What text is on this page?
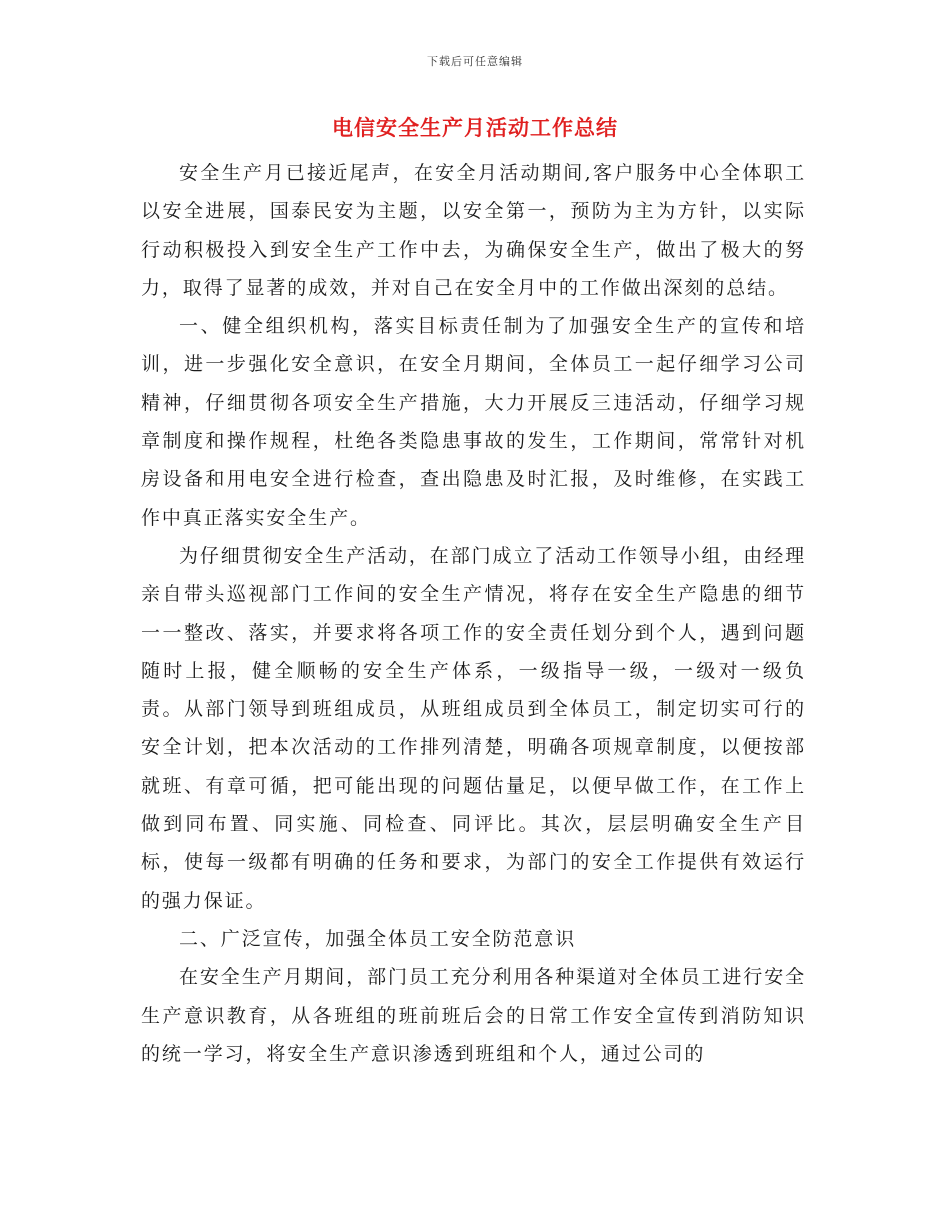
下载后可任意编辑
电信安全生产月活动工作总结

安全生产月已接近尾声，在安全月活动期间,客户服务中心全体职工以安全进展，国泰民安为主题，以安全第一，预防为主为方针，以实际行动积极投入到安全生产工作中去，为确保安全生产，做出了极大的努力，取得了显著的成效，并对自己在安全月中的工作做出深刻的总结。

一、健全组织机构，落实目标责任制为了加强安全生产的宣传和培训，进一步强化安全意识，在安全月期间，全体员工一起仔细学习公司精神，仔细贯彻各项安全生产措施，大力开展反三违活动，仔细学习规章制度和操作规程，杜绝各类隐患事故的发生，工作期间，常常针对机房设备和用电安全进行检查，查出隐患及时汇报，及时维修，在实践工作中真正落实安全生产。

为仔细贯彻安全生产活动，在部门成立了活动工作领导小组，由经理亲自带头巡视部门工作间的安全生产情况，将存在安全生产隐患的细节一一整改、落实，并要求将各项工作的安全责任划分到个人，遇到问题随时上报，健全顺畅的安全生产体系，一级指导一级，一级对一级负责。从部门领导到班组成员，从班组成员到全体员工，制定切实可行的安全计划，把本次活动的工作排列清楚，明确各项规章制度，以便按部就班、有章可循，把可能出现的问题估量足，以便早做工作，在工作上做到同布置、同实施、同检查、同评比。其次，层层明确安全生产目标，使每一级都有明确的任务和要求，为部门的安全工作提供有效运行的强力保证。

二、广泛宣传，加强全体员工安全防范意识

在安全生产月期间，部门员工充分利用各种渠道对全体员工进行安全生产意识教育，从各班组的班前班后会的日常工作安全宣传到消防知识的统一学习，将安全生产意识渗透到班组和个人，通过公司的
